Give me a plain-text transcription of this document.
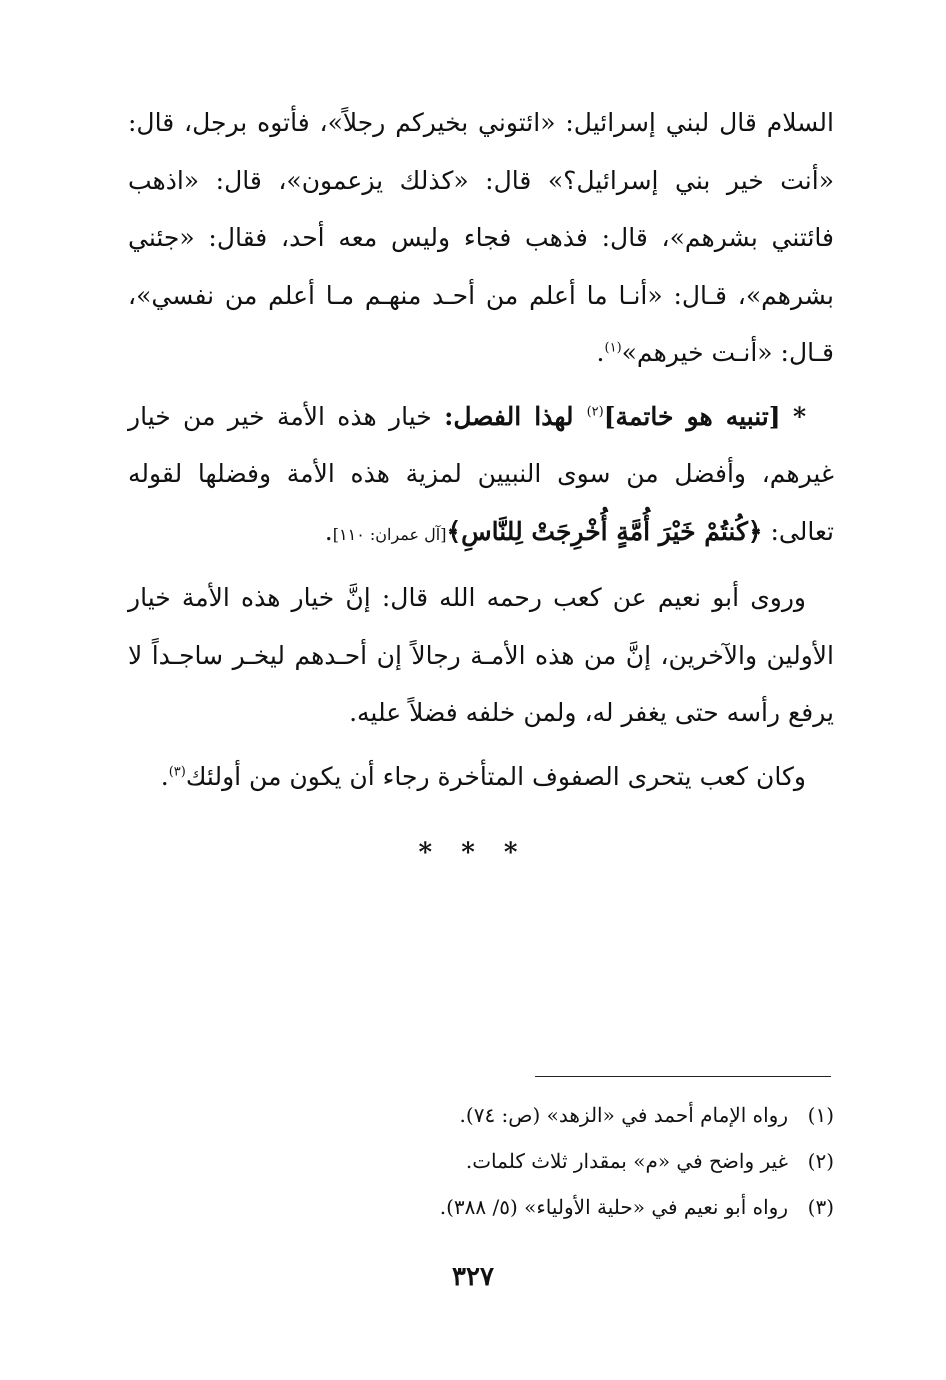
السلام قال لبني إسرائيل: «ائتوني بخيركم رجلاً»، فأتوه برجل، قال: «أنت خير بني إسرائيل؟» قال: «كذلك يزعمون»، قال: «اذهب فائتني بشرهم»، قال: فذهب فجاء وليس معه أحد، فقال: «جئني بشرهم»، قـال: «أنـا ما أعلم من أحـد منهـم مـا أعلم من نفسي»، قـال: «أنـت خيرهم»$^{(١)}$.

* [تنبيه هو خاتمة]$^{(٢)}$ لهذا الفصل: خيار هذه الأمة خير من خيار غيرهم، وأفضل من سوى النبيين لمزية هذه الأمة وفضلها لقوله تعالى: ﴿كُنتُمْ خَيْرَ أُمَّةٍ أُخْرِجَتْ لِلنَّاسِ﴾[آل عمران: ١١٠].

وروى أبو نعيم عن كعب رحمه الله قال: إنَّ خيار هذه الأمة خيار الأولين والآخرين، إنَّ من هذه الأمـة رجالاً إن أحـدهم ليخـر ساجـداً لا يرفع رأسه حتى يغفر له، ولمن خلفه فضلاً عليه.

وكان كعب يتحرى الصفوف المتأخرة رجاء أن يكون من أولئك$^{(٣)}$.

* * *
(١)
رواه الإمام أحمد في «الزهد» (ص: ٧٤).
(٢)
غير واضح في «م» بمقدار ثلاث كلمات.
(٣)
رواه أبو نعيم في «حلية الأولياء» (٥/ ٣٨٨).
٣٢٧
